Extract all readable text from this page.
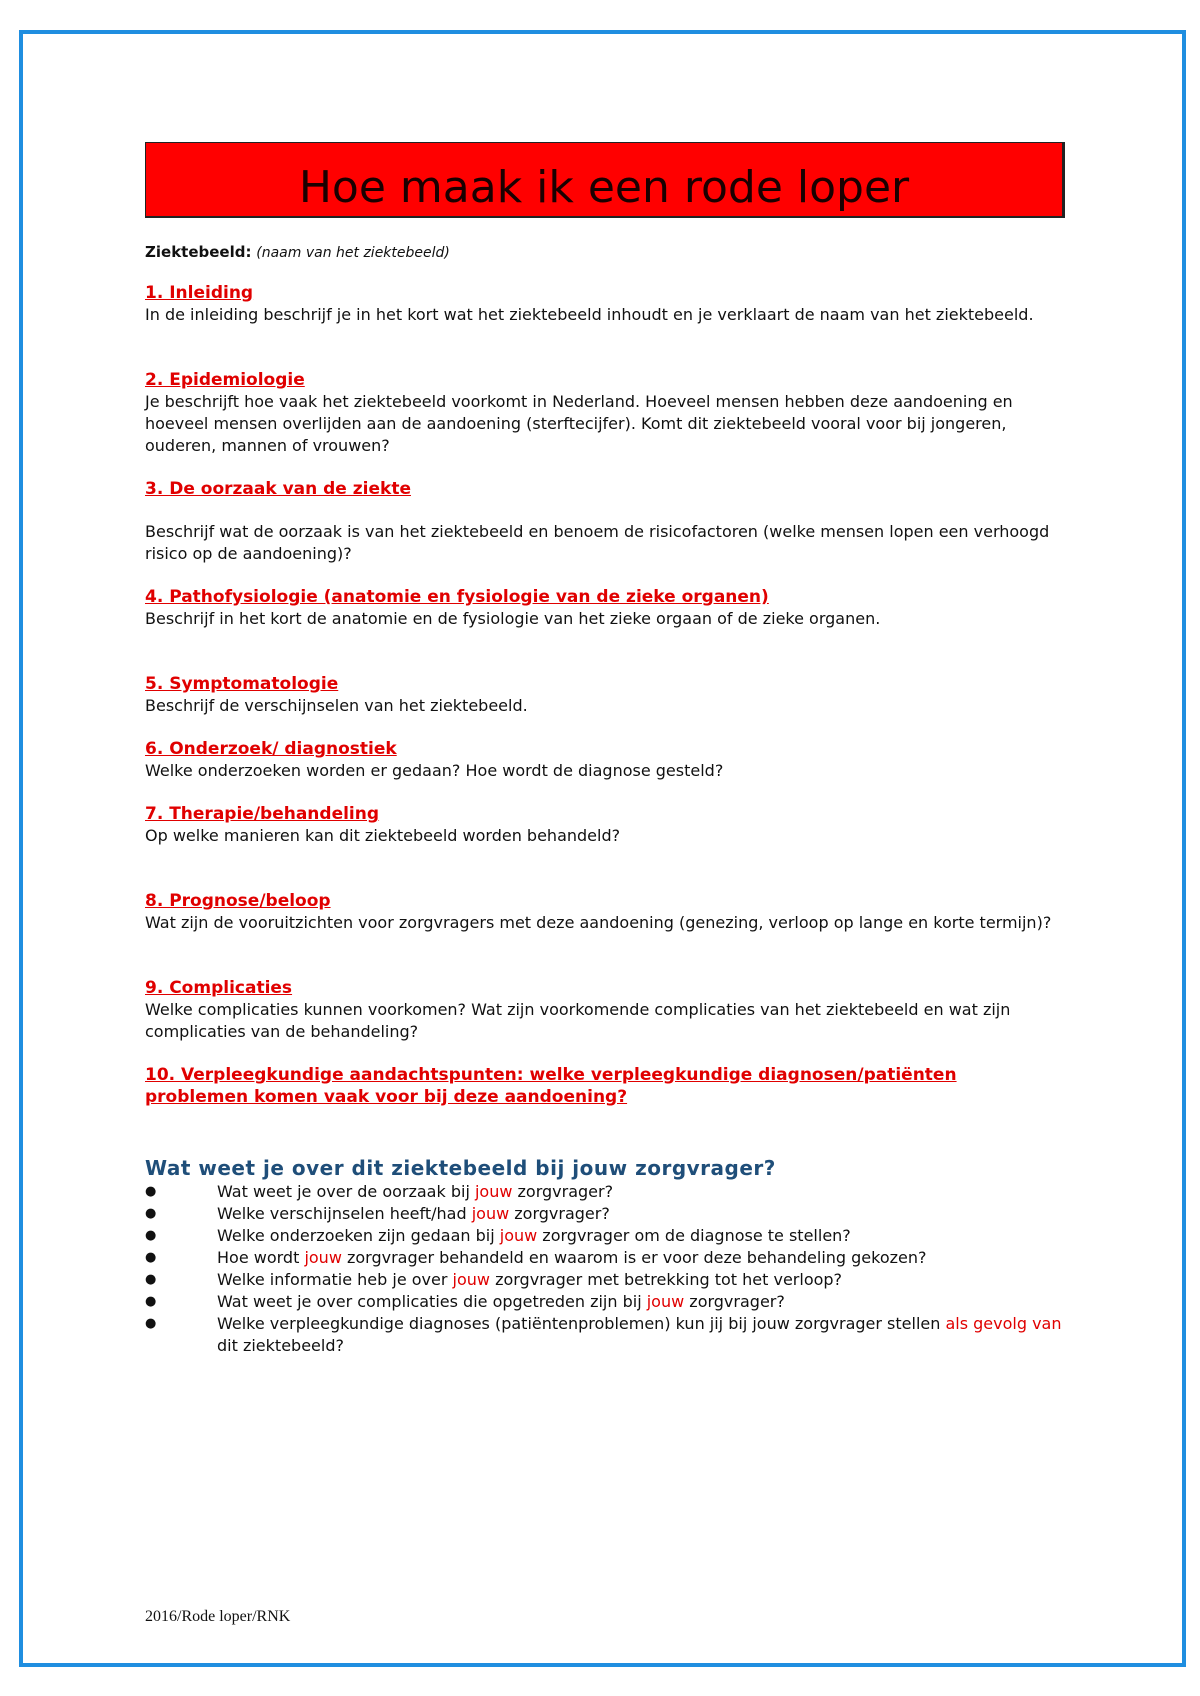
Hoe maak ik een rode loper
Ziektebeeld: (naam van het ziektebeeld)
1. Inleiding

In de inleiding beschrijf je in het kort wat het ziektebeeld inhoudt en je verklaart de naam van het ziektebeeld.

2. Epidemiologie

Je beschrijft hoe vaak het ziektebeeld voorkomt in Nederland. Hoeveel mensen hebben deze aandoening en hoeveel mensen overlijden aan de aandoening (sterftecijfer). Komt dit ziektebeeld vooral voor bij jongeren, ouderen, mannen of vrouwen?

3. De oorzaak van de ziekte

Beschrijf wat de oorzaak is van het ziektebeeld en benoem de risicofactoren (welke mensen lopen een verhoogd risico op de aandoening)?

4. Pathofysiologie (anatomie en fysiologie van de zieke organen)

Beschrijf in het kort de anatomie en de fysiologie van het zieke orgaan of de zieke organen.

5. Symptomatologie

Beschrijf de verschijnselen van het ziektebeeld.

6. Onderzoek/ diagnostiek

Welke onderzoeken worden er gedaan? Hoe wordt de diagnose gesteld?

7. Therapie/behandeling

Op welke manieren kan dit ziektebeeld worden behandeld?

8. Prognose/beloop

Wat zijn de vooruitzichten voor zorgvragers met deze aandoening (genezing, verloop op lange en korte termijn)?

9. Complicaties

Welke complicaties kunnen voorkomen? Wat zijn voorkomende complicaties van het ziektebeeld en wat zijn complicaties van de behandeling?

10. Verpleegkundige aandachtspunten: welke verpleegkundige diagnosen/patiënten problemen komen vaak voor bij deze aandoening?
Wat weet je over dit ziektebeeld bij jouw zorgvrager?
●	Wat weet je over de oorzaak bij jouw zorgvrager?
●	Welke verschijnselen heeft/had jouw zorgvrager?
●	Welke onderzoeken zijn gedaan bij jouw zorgvrager om de diagnose te stellen?
●	Hoe wordt jouw zorgvrager behandeld en waarom is er voor deze behandeling gekozen?
●	Welke informatie heb je over jouw zorgvrager met betrekking tot het verloop?
●	Wat weet je over complicaties die opgetreden zijn bij jouw zorgvrager?
●	Welke verpleegkundige diagnoses (patiëntenproblemen) kun jij bij jouw zorgvrager stellen als gevolg van dit ziektebeeld?
2016/Rode loper/RNK
